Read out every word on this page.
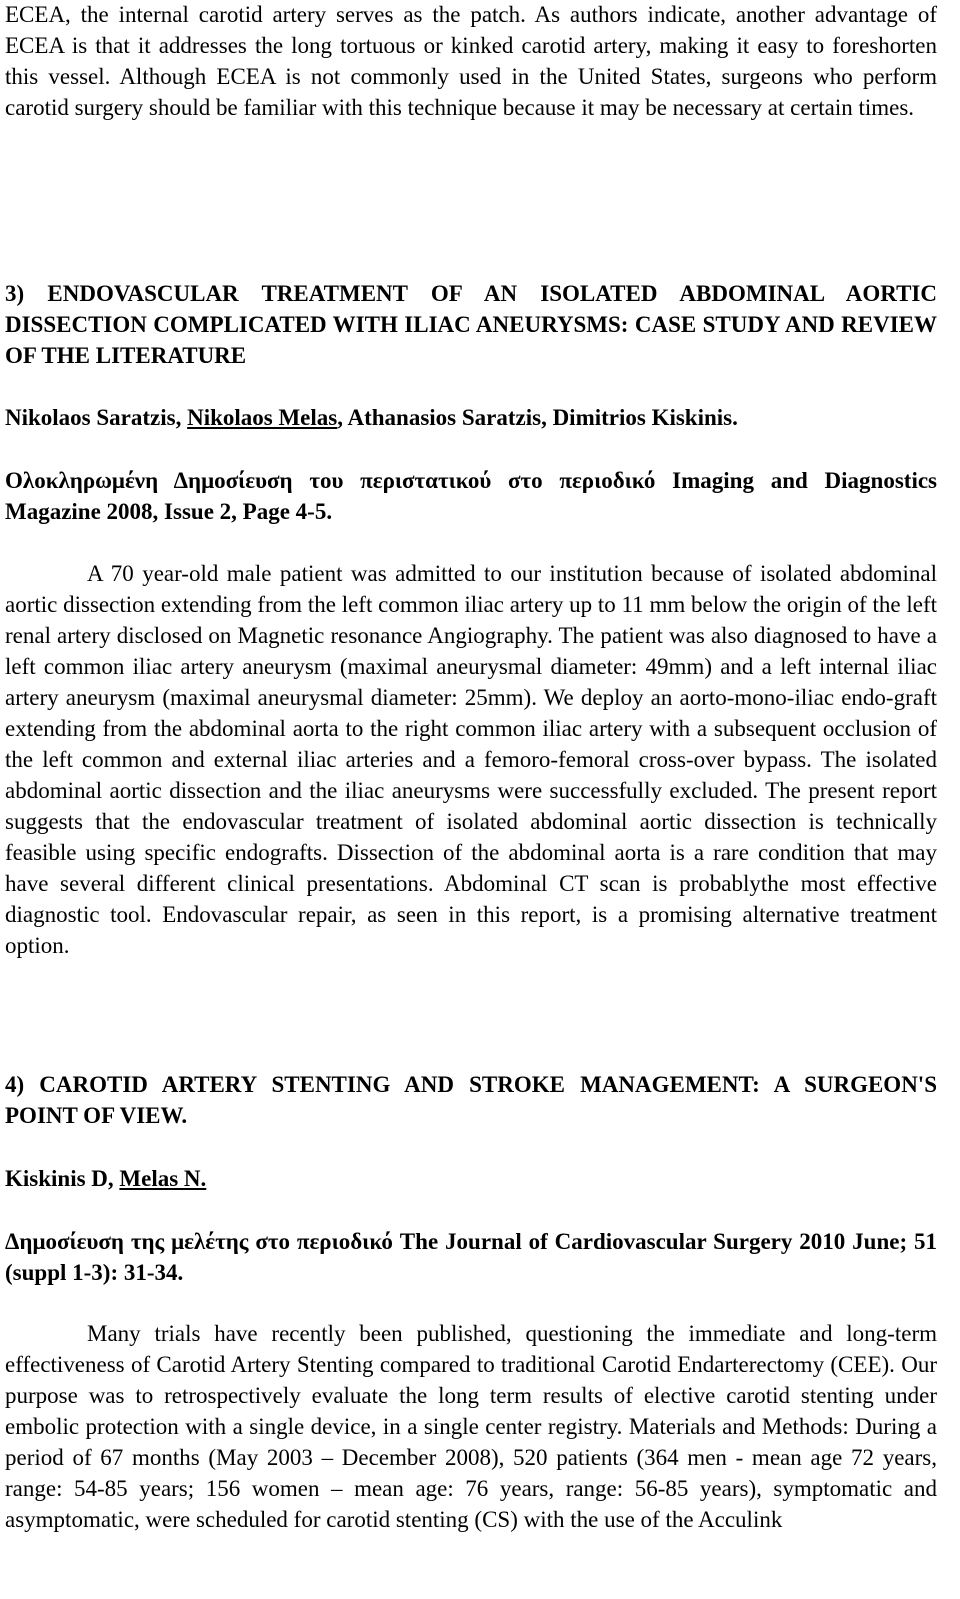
ECEA, the internal carotid artery serves as the patch. As authors indicate, another advantage of ECEA is that it addresses the long tortuous or kinked carotid artery, making it easy to foreshorten this vessel. Although ECEA is not commonly used in the United States, surgeons who perform carotid surgery should be familiar with this technique because it may be necessary at certain times.

3) ENDOVASCULAR TREATMENT OF AN ISOLATED ABDOMINAL AORTIC DISSECTION COMPLICATED WITH ILIAC ANEURYSMS: CASE STUDY AND REVIEW OF THE LITERATURE

Nikolaos Saratzis, Nikolaos Melas, Athanasios Saratzis, Dimitrios Kiskinis.

Ολοκληρωμένη Δημοσίευση του περιστατικού στο περιοδικό Imaging and Diagnostics Magazine 2008, Issue 2, Page 4-5.

A 70 year-old male patient was admitted to our institution because of isolated abdominal aortic dissection extending from the left common iliac artery up to 11 mm below the origin of the left renal artery disclosed on Magnetic resonance Angiography. The patient was also diagnosed to have a left common iliac artery aneurysm (maximal aneurysmal diameter: 49mm) and a left internal iliac artery aneurysm (maximal aneurysmal diameter: 25mm). We deploy an aorto-mono-iliac endo-graft extending from the abdominal aorta to the right common iliac artery with a subsequent occlusion of the left common and external iliac arteries and a femoro-femoral cross-over bypass. The isolated abdominal aortic dissection and the iliac aneurysms were successfully excluded. The present report suggests that the endovascular treatment of isolated abdominal aortic dissection is technically feasible using specific endografts. Dissection of the abdominal aorta is a rare condition that may have several different clinical presentations. Abdominal CT scan is probablythe most effective diagnostic tool. Endovascular repair, as seen in this report, is a promising alternative treatment option.

4) CAROTID ARTERY STENTING AND STROKE MANAGEMENT: A SURGEON'S POINT OF VIEW.

Kiskinis D, Melas N.

Δημοσίευση της μελέτης στο περιοδικό The Journal of Cardiovascular Surgery 2010 June; 51 (suppl 1-3): 31-34.

Many trials have recently been published, questioning the immediate and long-term effectiveness of Carotid Artery Stenting compared to traditional Carotid Endarterectomy (CEE). Our purpose was to retrospectively evaluate the long term results of elective carotid stenting under embolic protection with a single device, in a single center registry. Materials and Methods: During a period of 67 months (May 2003 – December 2008), 520 patients (364 men - mean age 72 years, range: 54-85 years; 156 women – mean age: 76 years, range: 56-85 years), symptomatic and asymptomatic, were scheduled for carotid stenting (CS) with the use of the Acculink
